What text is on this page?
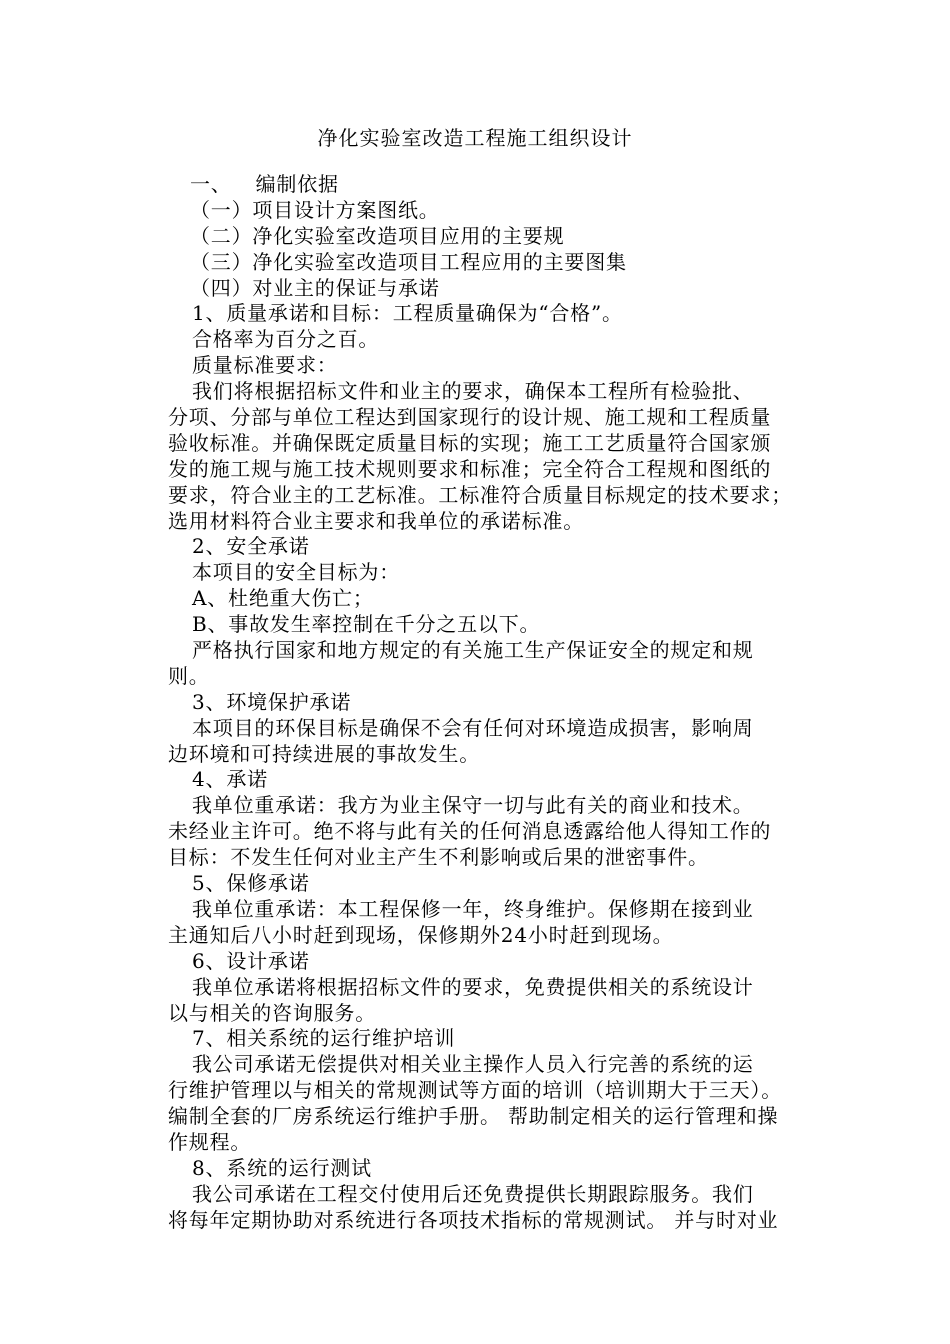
净化实验室改造工程施工组织设计
一、 编制依据
（一）项目设计方案图纸。
（二）净化实验室改造项目应用的主要规
（三）净化实验室改造项目工程应用的主要图集
（四）对业主的保证与承诺
1、质量承诺和目标：工程质量确保为“合格”。
合格率为百分之百。
质量标准要求：
我们将根据招标文件和业主的要求，确保本工程所有检验批、
分项、分部与单位工程达到国家现行的设计规、施工规和工程质量
验收标准。并确保既定质量目标的实现；施工工艺质量符合国家颁
发的施工规与施工技术规则要求和标准；完全符合工程规和图纸的
要求，符合业主的工艺标准。工标准符合质量目标规定的技术要求；
选用材料符合业主要求和我单位的承诺标准。
2、安全承诺
本项目的安全目标为：
A、杜绝重大伤亡；
B、事故发生率控制在千分之五以下。
严格执行国家和地方规定的有关施工生产保证安全的规定和规
则。
3、环境保护承诺
本项目的环保目标是确保不会有任何对环境造成损害，影响周
边环境和可持续进展的事故发生。
4、承诺
我单位重承诺：我方为业主保守一切与此有关的商业和技术。
未经业主许可。绝不将与此有关的任何消息透露给他人得知工作的
目标：不发生任何对业主产生不利影响或后果的泄密事件。
5、保修承诺
我单位重承诺：本工程保修一年，终身维护。保修期在接到业
主通知后八小时赶到现场，保修期外24小时赶到现场。
6、设计承诺
我单位承诺将根据招标文件的要求，免费提供相关的系统设计
以与相关的咨询服务。
7、相关系统的运行维护培训
我公司承诺无偿提供对相关业主操作人员入行完善的系统的运
行维护管理以与相关的常规测试等方面的培训（培训期大于三天）。
编制全套的厂房系统运行维护手册。 帮助制定相关的运行管理和操
作规程。
8、系统的运行测试
我公司承诺在工程交付使用后还免费提供长期跟踪服务。我们
将每年定期协助对系统进行各项技术指标的常规测试。 并与时对业
